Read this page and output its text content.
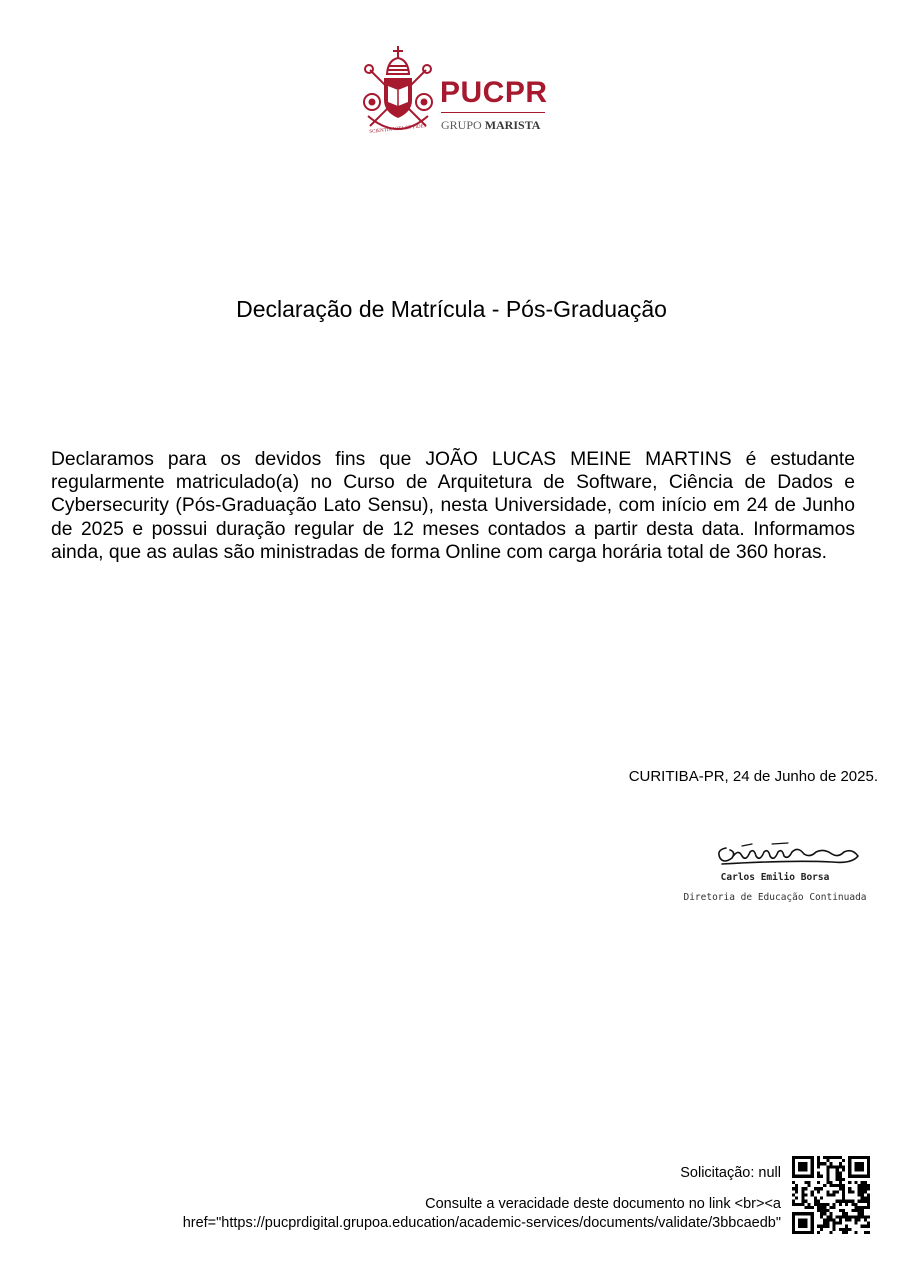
SCIENTIA VITA ET FIDES
PUCPR
GRUPO MARISTA
Declaração de Matrícula - Pós-Graduação
Declaramos para os devidos fins que JOÃO LUCAS MEINE MARTINS é estudante regularmente matriculado(a) no Curso de Arquitetura de Software, Ciência de Dados e Cybersecurity (Pós-Graduação Lato Sensu), nesta Universidade, com início em 24 de Junho de 2025 e possui duração regular de 12 meses contados a partir desta data. Informamos ainda, que as aulas são ministradas de forma Online com carga horária total de 360 horas.
CURITIBA-PR, 24 de Junho de 2025.
Carlos Emilio Borsa
Diretoria de Educação Continuada
Solicitação: null
Consulte a veracidade deste documento no link <br><a
href="https://pucprdigital.grupoa.education/academic-services/documents/validate/3bbcaedb"
